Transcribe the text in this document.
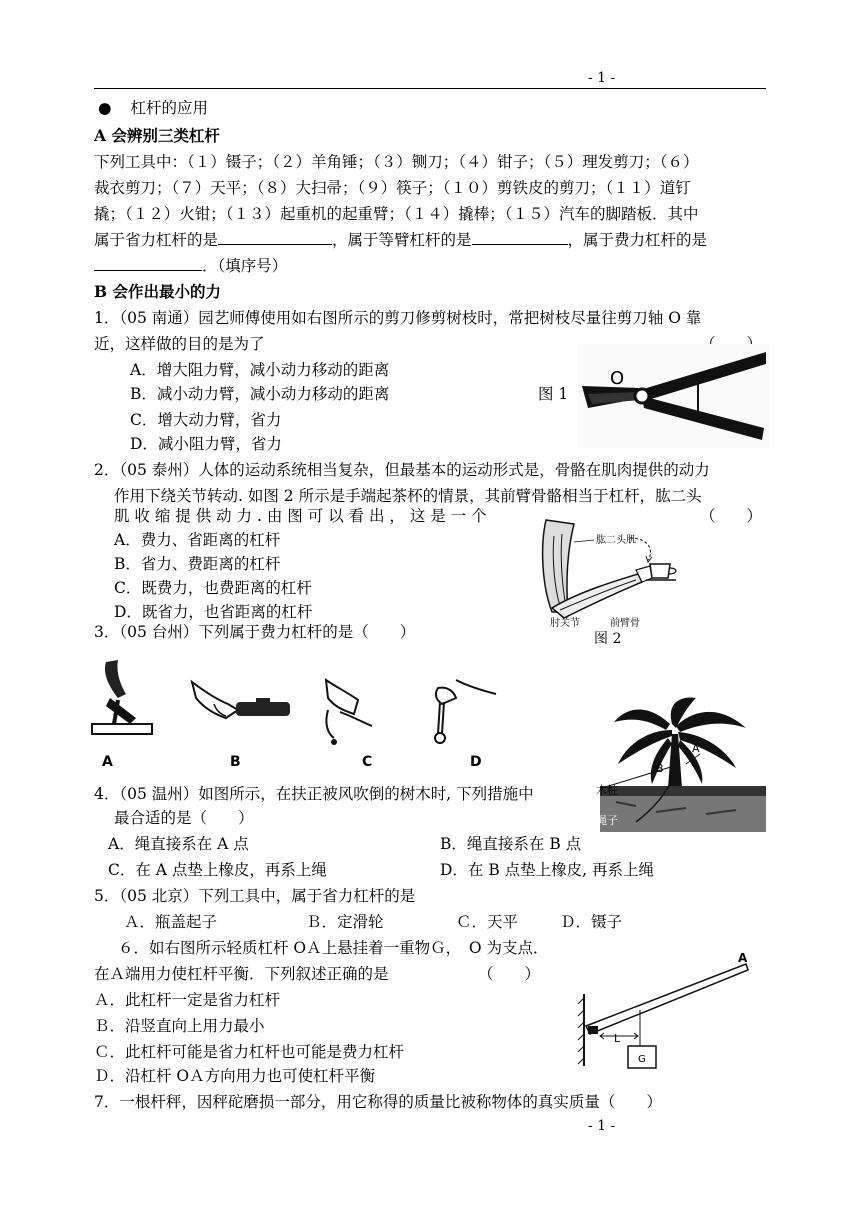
- 1 -
● 杠杆的应用
A 会辨别三类杠杆
下列工具中：（１）镊子；（２）羊角锤；（３）铡刀；（４）钳子；（５）理发剪刀；（６）
裁衣剪刀；（７）天平；（８）大扫帚；（９）筷子；（１０）剪铁皮的剪刀；（１１）道钉
撬；（１２）火钳；（１３）起重机的起重臂；（１４）撬棒；（１５）汽车的脚踏板．其中
属于省力杠杆的是	，属于等臂杠杆的是	，属于费力杠杆的是
．（填序号）
B 会作出最小的力
1．（05 南通）园艺师傅使用如右图所示的剪刀修剪树枝时，常把树枝尽量往剪刀轴 O 靠
近，这样做的目的是为了
A．增大阻力臂，减小动力移动的距离
B．减小动力臂，减小动力移动的距离
C．增大动力臂，省力
D．减小阻力臂，省力
图 1
O
2．（05 泰州）人体的运动系统相当复杂，但最基本的运动形式是，骨骼在肌肉提供的动力
作用下绕关节转动. 如图 2 所示是手端起茶杯的情景，其前臂骨骼相当于杠杆，肱二头
肌 收 缩 提 供 动 力 . 由 图 可 以 看 出 ， 这 是 一 个	（　　）
A．费力、省距离的杠杆
B．省力、费距离的杠杆
C．既费力，也费距离的杠杆
D．既省力，也省距离的杠杆
肱二头肌
肘关节	前臂骨
图 2
3．（05 台州）下列属于费力杠杆的是（　　）
A	B	C	D
A
B
木桩
绳子
4．（05 温州）如图所示，在扶正被风吹倒的树木时, 下列措施中
最合适的是（　　）
A．绳直接系在 A 点	B．绳直接系在 B 点
C．在 A 点垫上橡皮，再系上绳	D．在 B 点垫上橡皮, 再系上绳
5．（05 北京）下列工具中，属于省力杠杆的是
Ａ．瓶盖起子	Ｂ．定滑轮	Ｃ．天平	Ｄ．镊子
６．如右图所示轻质杠杆 OＡ上悬挂着一重物Ｇ，　O 为支点．
在Ａ端用力使杠杆平衡．下列叙述正确的是	（　　）
Ａ．此杠杆一定是省力杠杆
Ｂ．沿竖直向上用力最小
Ｃ．此杠杆可能是省力杠杆也可能是费力杠杆
Ｄ．沿杠杆 OＡ方向用力也可使杠杆平衡
L
A
G
7．一根杆秤，因秤砣磨损一部分，用它称得的质量比被称物体的真实质量（　　）
- 1 -
